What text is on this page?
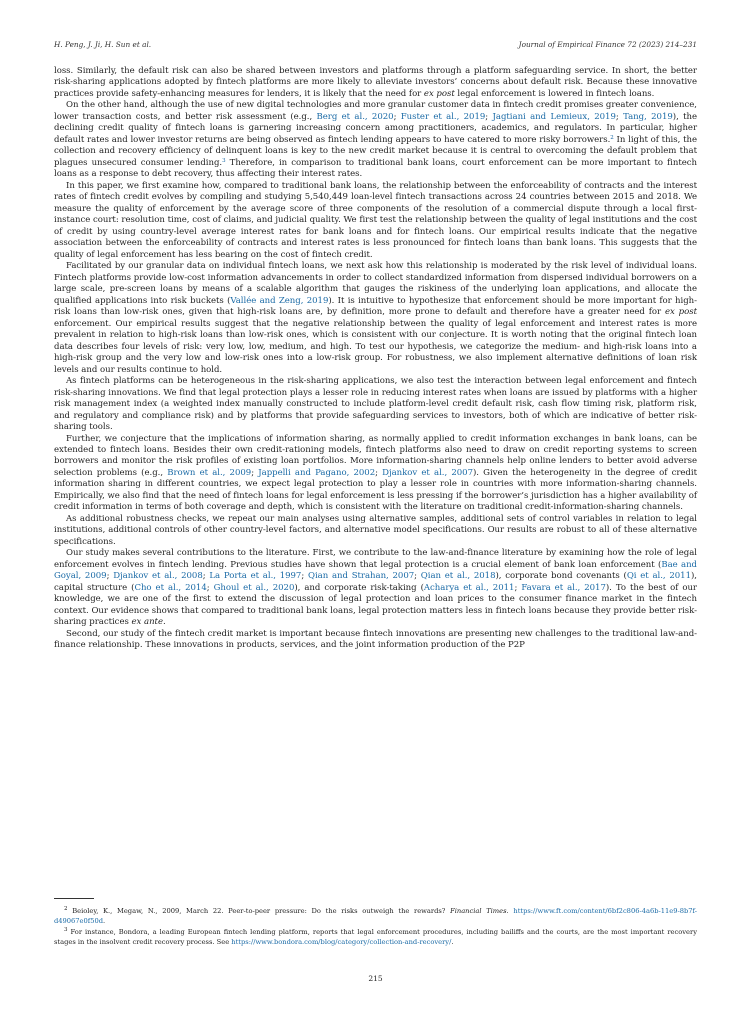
H. Peng, J. Ji, H. Sun et al.	Journal of Empirical Finance 72 (2023) 214–231

loss. Similarly, the default risk can also be shared between investors and platforms through a platform safeguarding service. In short, the better risk-sharing applications adopted by fintech platforms are more likely to alleviate investors’ concerns about default risk. Because these innovative practices provide safety-enhancing measures for lenders, it is likely that the need for ex post legal enforcement is lowered in fintech loans.

On the other hand, although the use of new digital technologies and more granular customer data in fintech credit promises greater convenience, lower transaction costs, and better risk assessment (e.g., Berg et al., 2020; Fuster et al., 2019; Jagtiani and Lemieux, 2019; Tang, 2019), the declining credit quality of fintech loans is garnering increasing concern among practitioners, academics, and regulators. In particular, higher default rates and lower investor returns are being observed as fintech lending appears to have catered to more risky borrowers.$^2$ In light of this, the collection and recovery efficiency of delinquent loans is key to the new credit market because it is central to overcoming the default problem that plagues unsecured consumer lending.$^3$ Therefore, in comparison to traditional bank loans, court enforcement can be more important to fintech loans as a response to debt recovery, thus affecting their interest rates.

In this paper, we first examine how, compared to traditional bank loans, the relationship between the enforceability of contracts and the interest rates of fintech credit evolves by compiling and studying 5,540,449 loan-level fintech transactions across 24 countries between 2015 and 2018. We measure the quality of enforcement by the average score of three components of the resolution of a commercial dispute through a local first-instance court: resolution time, cost of claims, and judicial quality. We first test the relationship between the quality of legal institutions and the cost of credit by using country-level average interest rates for bank loans and for fintech loans. Our empirical results indicate that the negative association between the enforceability of contracts and interest rates is less pronounced for fintech loans than bank loans. This suggests that the quality of legal enforcement has less bearing on the cost of fintech credit.

Facilitated by our granular data on individual fintech loans, we next ask how this relationship is moderated by the risk level of individual loans. Fintech platforms provide low-cost information advancements in order to collect standardized information from dispersed individual borrowers on a large scale, pre-screen loans by means of a scalable algorithm that gauges the riskiness of the underlying loan applications, and allocate the qualified applications into risk buckets (Vallée and Zeng, 2019). It is intuitive to hypothesize that enforcement should be more important for high-risk loans than low-risk ones, given that high-risk loans are, by definition, more prone to default and therefore have a greater need for ex post enforcement. Our empirical results suggest that the negative relationship between the quality of legal enforcement and interest rates is more prevalent in relation to high-risk loans than low-risk ones, which is consistent with our conjecture. It is worth noting that the original fintech loan data describes four levels of risk: very low, low, medium, and high. To test our hypothesis, we categorize the medium- and high-risk loans into a high-risk group and the very low and low-risk ones into a low-risk group. For robustness, we also implement alternative definitions of loan risk levels and our results continue to hold.

As fintech platforms can be heterogeneous in the risk-sharing applications, we also test the interaction between legal enforcement and fintech risk-sharing innovations. We find that legal protection plays a lesser role in reducing interest rates when loans are issued by platforms with a higher risk management index (a weighted index manually constructed to include platform-level credit default risk, cash flow timing risk, platform risk, and regulatory and compliance risk) and by platforms that provide safeguarding services to investors, both of which are indicative of better risk-sharing tools.

Further, we conjecture that the implications of information sharing, as normally applied to credit information exchanges in bank loans, can be extended to fintech loans. Besides their own credit-rationing models, fintech platforms also need to draw on credit reporting systems to screen borrowers and monitor the risk profiles of existing loan portfolios. More information-sharing channels help online lenders to better avoid adverse selection problems (e.g., Brown et al., 2009; Jappelli and Pagano, 2002; Djankov et al., 2007). Given the heterogeneity in the degree of credit information sharing in different countries, we expect legal protection to play a lesser role in countries with more information-sharing channels. Empirically, we also find that the need of fintech loans for legal enforcement is less pressing if the borrower’s jurisdiction has a higher availability of credit information in terms of both coverage and depth, which is consistent with the literature on traditional credit-information-sharing channels.

As additional robustness checks, we repeat our main analyses using alternative samples, additional sets of control variables in relation to legal institutions, additional controls of other country-level factors, and alternative model specifications. Our results are robust to all of these alternative specifications.

Our study makes several contributions to the literature. First, we contribute to the law-and-finance literature by examining how the role of legal enforcement evolves in fintech lending. Previous studies have shown that legal protection is a crucial element of bank loan enforcement (Bae and Goyal, 2009; Djankov et al., 2008; La Porta et al., 1997; Qian and Strahan, 2007; Qian et al., 2018), corporate bond covenants (Qi et al., 2011), capital structure (Cho et al., 2014; Ghoul et al., 2020), and corporate risk-taking (Acharya et al., 2011; Favara et al., 2017). To the best of our knowledge, we are one of the first to extend the discussion of legal protection and loan prices to the consumer finance market in the fintech context. Our evidence shows that compared to traditional bank loans, legal protection matters less in fintech loans because they provide better risk-sharing practices ex ante.

Second, our study of the fintech credit market is important because fintech innovations are presenting new challenges to the traditional law-and-finance relationship. These innovations in products, services, and the joint information production of the P2P

$^2$ Beioley, K., Megaw, N., 2009, March 22. Peer-to-peer pressure: Do the risks outweigh the rewards? Financial Times. https://www.ft.com/content/6bf2c806-4a6b-11e9-8b7f-d49067e0f50d.

$^3$ For instance, Bondora, a leading European fintech lending platform, reports that legal enforcement procedures, including bailiffs and the courts, are the most important recovery stages in the insolvent credit recovery process. See https://www.bondora.com/blog/category/collection-and-recovery/.

215
